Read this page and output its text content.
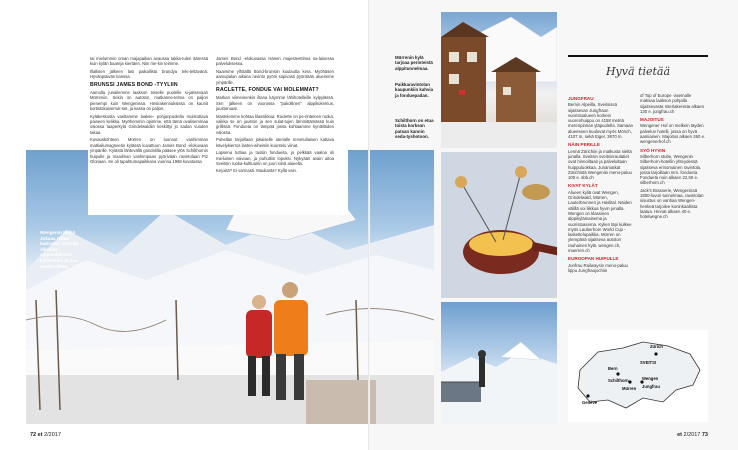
tai mielummin oman majapaikan avaussa takka-tulen ääressä kuin kylän baareja kiertäen. Niin me-kin teimme.

Illallisen jälkeen lasi paikallista brandya teki-teltävänä. Hyvänpiäivän kanssa.

BRUNSSI JAMES BOND -TYYLIIN

Aamulla junailemme laakson toiselle puolelle si-jaitsevaan Mürreniin. Sekin on autoton, matkanne-telma on paljon pienempi kuin Wengenissä. Hirsirakennuksissa on kaunit kortistokaiverruk-set, ja kassa on paljon.

Kyläkeskusta vaeltamme laakse- pohjanpuolella muistuttava paineen kelikka. Myöhemmin opimme, että tämä ovalisemmaa osiossa taaperkylä Grindelwaldiin keskittyi jo sadan vuoden takaa.

Kuvauskohteen Mürren on luonnut vanhimman matkailumagneetin kylässä kuvattuun James Bond -elokuvaan ympärille. Kylästä lähtevällä gondolilla pääsee ylös Schilthornin huipulle ja maailman vanhimpaan pyörivään ravintolaan Piz Gloriaan. Se oli tapahtumapaikkana vuonna 1968 kuvatussa

James Bond -elokuvassa Hänen majesteettinsa sa-laisessa palveluksessa.

Naaimme ylhäällä Bond-brunsiin kuulautta kera. Myöhäsen aamupalan aikana ravinto pyörii sopivasti pyöröään alueimme ympärille.

RACLETTE, FONDUE VAI MOLEMMAT?

Markan viimeinenkin iltana käymme lähihotelleille kylpylässä. Sen jälkeen on vuorossa "pakollinen" alppikokemus, juustoruaat.

Mastelemme kohtaa klassikkoa. Raclette on pe-rinteinen ruoka, vaikka se on juuston ja sen sulat-tujen lämmittämässä kuin grillissä. Fondueta on lämpöä jossa kohtaamme kynttilöiden valossa.

Puhellan tarjoillaan jokaiselle aterialle tervetuliaisen kattava kävelykierros lasten-aiheisiin kuuntelu viinat.

Lapsena tuttiaa ja tuotiin fondueita, jo pelkkää vaaloa oli mieluisen vaivaan, ja puhuttiin lopuksi. Nykyään avain aitoa Sveitsin ruoka-kulttuuriin on juuri siinä alueella.

Keyxitä? Ei varmasti. Maukasta? Kyllä vain.

Wengenin teiltiä Jokaaa nämä laaksoon. Hotellit alkamat alppimaisemat kylässäkin ja saa vuotta siiten.
72 et 2/2017
Mürrenin kylä tarjoaa perinteistä alppitunnelmaa.
Paikkaravintolan kaupunkiin kahvia ja fonduepadan.
Schilthorn on etua toista korkean patsan kannin seda-tyshotoon.
Hyvä tietää
JUNGFRAU

Bernin Alpeilla, Sveitsissä sijaitsevan Jungfraun vuoristoalueen korkein vuorenhuippu on 4158 metriä merenpinnan yläpuolella. Samaan alueeseen kuuluvat myös Mönch, 4107 m, sekä Eiger, 3970 m.

NÄIN PERILLE

Lennä Zürichiin ja matkusta sieltä junalla. Sveitsin sveitsinrautatiet ovat hinnoiltaan ja palvelultaan huippuluokkaa. Junamatkat Zürichistä Wengeniin meno-paluu 100 e. sbb.ch

KIVAT KYLÄT

Alueen kyliä ovat Wengen, Grindelwald, Mürren, Lauterbrunnen ja Haslital. Näiden välillä voi liikkua hyvin junalla. Wengen on klassinen alppikylämaisema ja vuoristoasema. Kylien läpi kulkee myös Lauberhorn World Cup -laskettelupaikka. Mürren on ylempänä sijaitseva autoton rauhainen kylä. wengen.ch, muerren.ch

EUROOPAN HUIPULLE

Junfrau Railwaysin meno-paluu lippu Jungfraujochiin

of Top of Europe -asemalle maksaa laakson pohjalla sijaitsevasta Interlakenista alkaen 130 e. jungfrau.ch

MAJOITUS

Wengener Hof on melkein täyden palvelun hotelli, jossa on hyvä aamiainen. Majoitus alkaen 260 e. wengenerhof.ch

SYÖ HYVIN

Silberhorn stube, Wengenin Silberhorn-hotellin yhteydessä sijaitseva erinomainen ravintola, jossa tarjoillaan mm. fondueta. Fondueta noin alkaen 22,50 e. silberhorn.ch

Jack's Brasserie, Wengenissä 1800-luvun tunnelmaa, ravintolan sisustus on vanhaa Wengen-henkeä tarjoilee kuninkaallista laatua. Hinnat alkaen 40 e. hotelwegne.ch

Zürich
SVEITSI
Bern
Schilthorn
Mürren
Wengen
Jungfrau
Genève
et 2/2017 73
